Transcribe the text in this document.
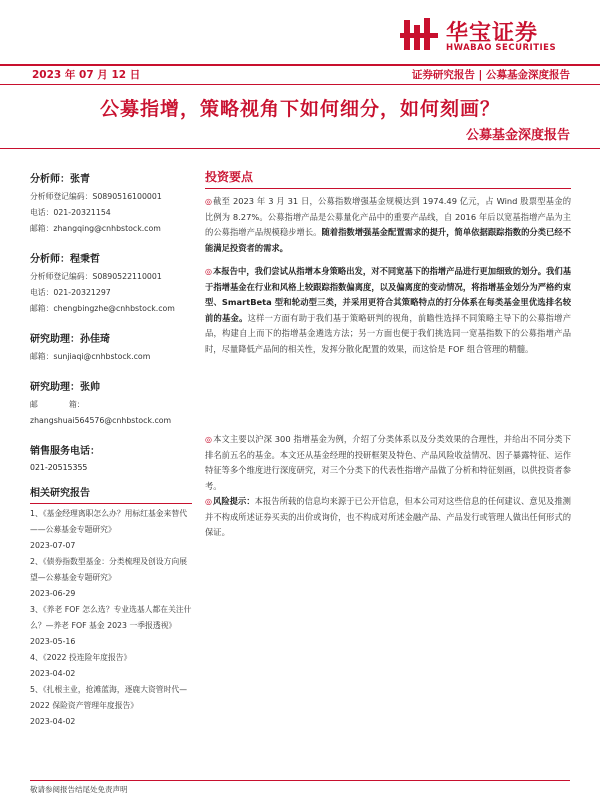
华宝证券
HWABAO SECURITIES
2023 年 07 月 12 日	证券研究报告 | 公募基金深度报告
公募指增，策略视角下如何细分，如何刻画？
公募基金深度报告
分析师：张青
分析师登记编码：S0890516100001
电话：021-20321154
邮箱：zhangqing@cnhbstock.com
分析师：程秉哲
分析师登记编码：S0890522110001
电话：021-20321297
邮箱：chengbingzhe@cnhbstock.com
研究助理：孙佳琦
邮箱：sunjiaqi@cnhbstock.com
研究助理：张帅
邮　　　　箱：
zhangshuai564576@cnhbstock.com
销售服务电话：
021-20515355
相关研究报告
1、《基金经理离职怎么办？用标红基金来替代——公募基金专题研究》
2023-07-07
2、《债券指数型基金：分类梳理及创设方向展望—公募基金专题研究》
2023-06-29
3、《养老 FOF 怎么选？专业选基人都在关注什么？—养老 FOF 基金 2023 一季报透视》
2023-05-16
4、《2022 投连险年度报告》
2023-04-02
5、《扎根主业，抢滩蓝海，逐鹿大资管时代—2022 保险资产管理年度报告》
2023-04-02
投资要点

◎截至 2023 年 3 月 31 日，公募指数增强基金规模达到 1974.49 亿元，占 Wind 股票型基金的比例为 8.27%。公募指增产品是公募量化产品中的重要产品线，自 2016 年后以宽基指增产品为主的公募指增产品规模稳步增长。随着指数增强基金配置需求的提升，简单依据跟踪指数的分类已经不能满足投资者的需求。

◎本报告中，我们尝试从指增本身策略出发，对不同宽基下的指增产品进行更加细致的划分。我们基于指增基金在行业和风格上较跟踪指数偏离度，以及偏离度的变动情况，将指增基金划分为严格约束型、SmartBeta 型和轮动型三类，并采用更符合其策略特点的打分体系在每类基金里优选排名较前的基金。这样一方面有助于我们基于策略研判的视角，前瞻性选择不同策略主导下的公募指增产品，构建自上而下的指增基金遴选方法；另一方面也便于我们挑选同一宽基指数下的公募指增产品时，尽量降低产品间的相关性，发挥分散化配置的效果，而这恰是 FOF 组合管理的精髓。

◎本文主要以沪深 300 指增基金为例，介绍了分类体系以及分类效果的合理性，并给出不同分类下排名前五名的基金。本文还从基金经理的投研框架及特色、产品风险收益情况、因子暴露特征、运作特征等多个维度进行深度研究，对三个分类下的代表性指增产品做了分析和特征刻画，以供投资者参考。

◎风险提示：本报告所载的信息均来源于已公开信息，但本公司对这些信息的任何建议、意见及推测并不构成所述证券买卖的出价或询价，也不构成对所述金融产品、产品发行或管理人做出任何形式的保证。

敬请参阅报告结尾处免责声明
